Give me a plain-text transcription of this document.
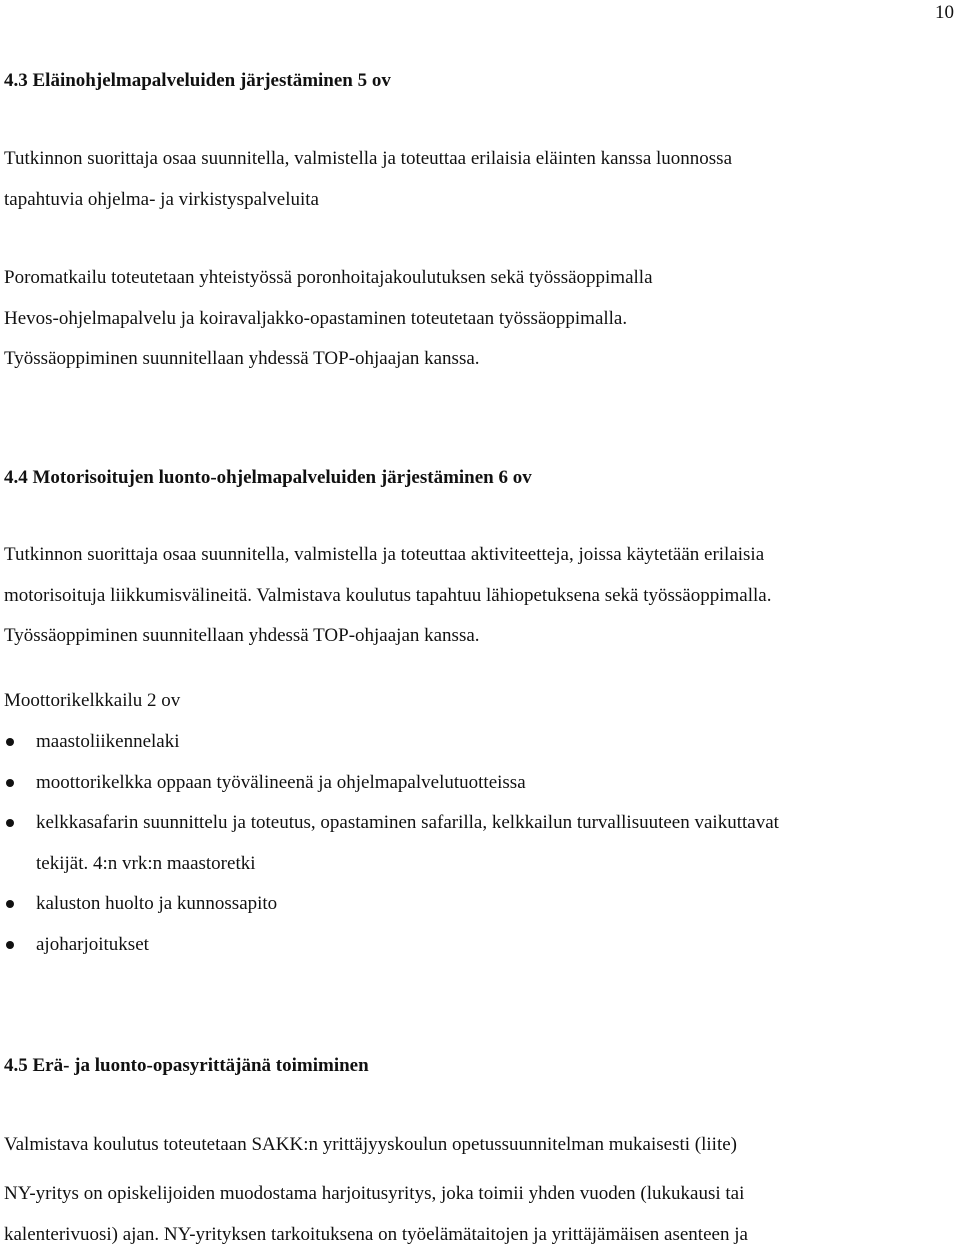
10
4.3 Eläinohjelmapalveluiden järjestäminen 5 ov
Tutkinnon suorittaja osaa suunnitella, valmistella ja toteuttaa erilaisia eläinten kanssa luonnossa
tapahtuvia ohjelma- ja virkistyspalveluita
Poromatkailu toteutetaan yhteistyössä poronhoitajakoulutuksen sekä työssäoppimalla
Hevos-ohjelmapalvelu ja koiravaljakko-opastaminen toteutetaan työssäoppimalla.
Työssäoppiminen suunnitellaan yhdessä TOP-ohjaajan kanssa.
4.4 Motorisoitujen luonto-ohjelmapalveluiden järjestäminen 6 ov
Tutkinnon suorittaja osaa suunnitella, valmistella ja toteuttaa aktiviteetteja, joissa käytetään erilaisia
motorisoituja liikkumisvälineitä. Valmistava koulutus tapahtuu lähiopetuksena sekä työssäoppimalla.
Työssäoppiminen suunnitellaan yhdessä TOP-ohjaajan kanssa.
Moottorikelkkailu 2 ov
maastoliikennelaki
moottorikelkka oppaan työvälineenä ja ohjelmapalvelutuotteissa
kelkkasafarin suunnittelu ja toteutus, opastaminen safarilla, kelkkailun turvallisuuteen vaikuttavat
tekijät. 4:n vrk:n maastoretki
kaluston huolto ja kunnossapito
ajoharjoitukset
4.5 Erä- ja luonto-opasyrittäjänä toimiminen
Valmistava koulutus toteutetaan SAKK:n yrittäjyyskoulun opetussuunnitelman mukaisesti (liite)
NY-yritys on opiskelijoiden muodostama harjoitusyritys, joka toimii yhden vuoden (lukukausi tai
kalenterivuosi) ajan. NY-yrityksen tarkoituksena on työelämätaitojen ja yrittäjämäisen asenteen ja
